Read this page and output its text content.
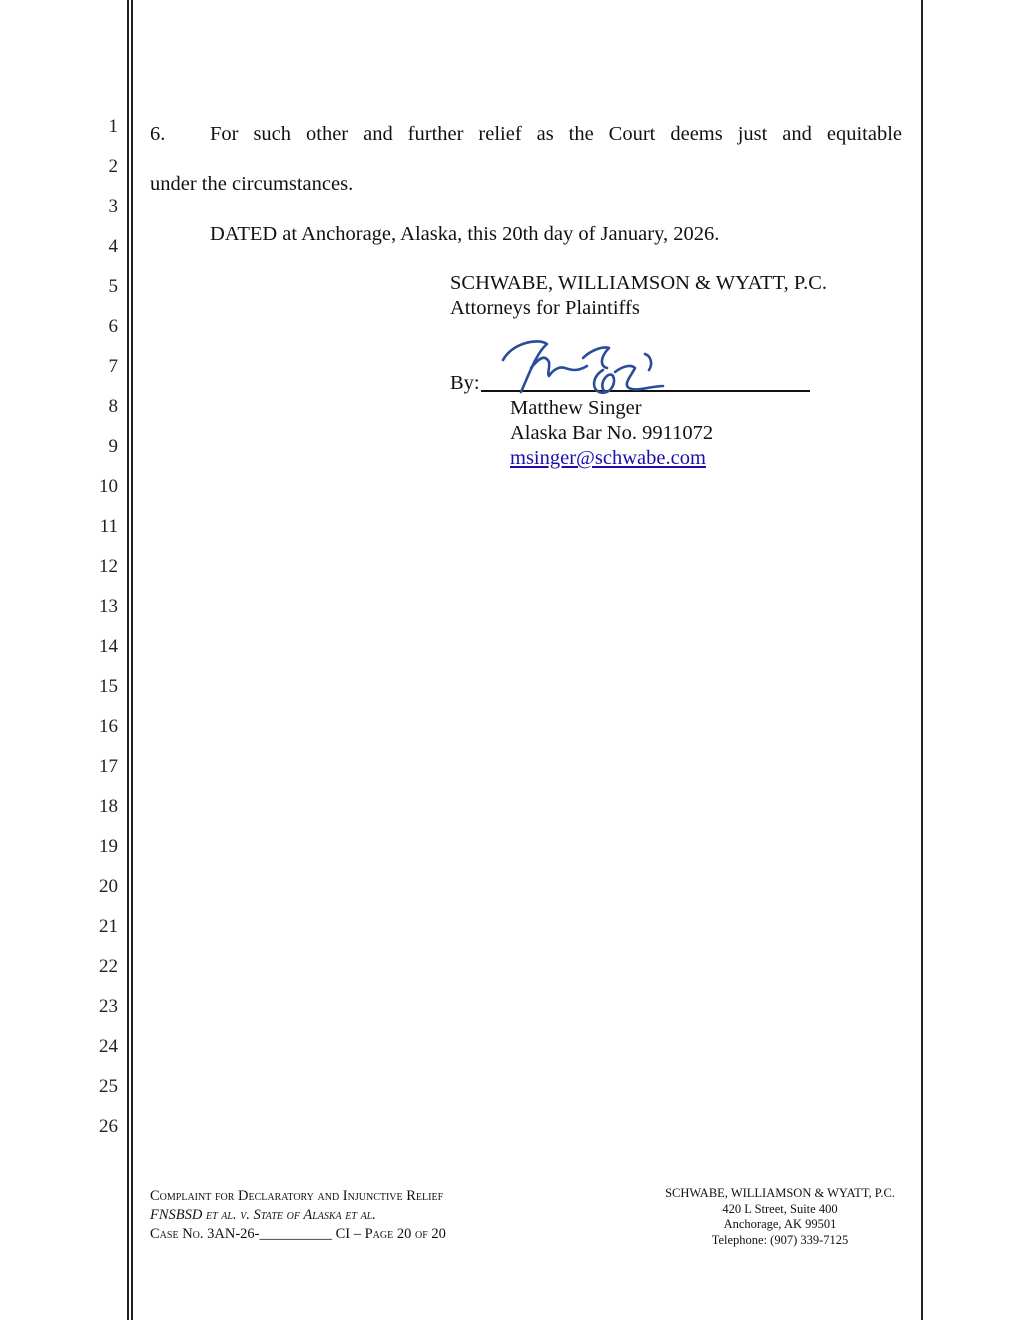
1
2
3
4
5
6
7
8
9
10
11
12
13
14
15
16
17
18
19
20
21
22
23
24
25
26
6. For such other and further relief as the Court deems just and equitable
under the circumstances.
DATED at Anchorage, Alaska, this 20th day of January, 2026.
SCHWABE, WILLIAMSON & WYATT, P.C.
Attorneys for Plaintiffs
By:
Matthew Singer
Alaska Bar No. 9911072
msinger@schwabe.com
Complaint for Declaratory and Injunctive Relief
FNSBSD et al. v. State of Alaska et al.
Case No. 3AN-26-__________ CI – Page 20 of 20
SCHWABE, WILLIAMSON & WYATT, P.C.
420 L Street, Suite 400
Anchorage, AK 99501
Telephone: (907) 339-7125
